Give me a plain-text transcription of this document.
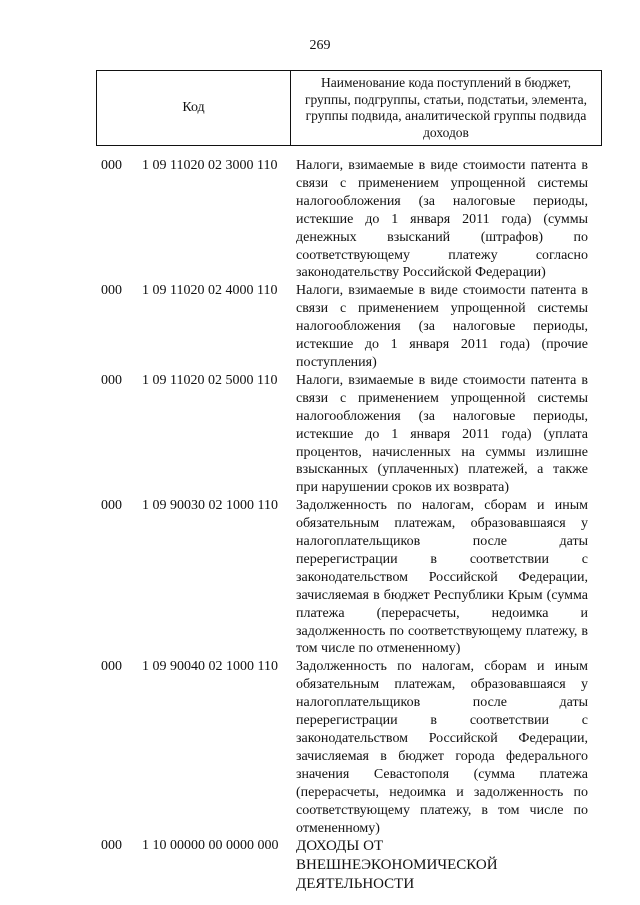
269
Код
Наименование кода поступлений в бюджет, группы, подгруппы, статьи, подстатьи, элемента, группы подвида, аналитической группы подвида доходов
000 1 09 11020 02 3000 110 Налоги, взимаемые в виде стоимости патента в связи с применением упрощенной системы налогообложения (за налоговые периоды, истекшие до 1 января 2011 года) (суммы денежных взысканий (штрафов) по соответствующему платежу согласно законодательству Российской Федерации)
000 1 09 11020 02 4000 110 Налоги, взимаемые в виде стоимости патента в связи с применением упрощенной системы налогообложения (за налоговые периоды, истекшие до 1 января 2011 года) (прочие поступления)
000 1 09 11020 02 5000 110 Налоги, взимаемые в виде стоимости патента в связи с применением упрощенной системы налогообложения (за налоговые периоды, истекшие до 1 января 2011 года) (уплата процентов, начисленных на суммы излишне взысканных (уплаченных) платежей, а также при нарушении сроков их возврата)
000 1 09 90030 02 1000 110 Задолженность по налогам, сборам и иным обязательным платежам, образовавшаяся у налогоплательщиков после даты перерегистрации в соответствии с законодательством Российской Федерации, зачисляемая в бюджет Республики Крым (сумма платежа (перерасчеты, недоимка и задолженность по соответствующему платежу, в том числе по отмененному)
000 1 09 90040 02 1000 110 Задолженность по налогам, сборам и иным обязательным платежам, образовавшаяся у налогоплательщиков после даты перерегистрации в соответствии с законодательством Российской Федерации, зачисляемая в бюджет города федерального значения Севастополя (сумма платежа (перерасчеты, недоимка и задолженность по соответствующему платежу, в том числе по отмененному)
000 1 10 00000 00 0000 000 ДОХОДЫ ОТ ВНЕШНЕЭКОНОМИЧЕСКОЙ ДЕЯТЕЛЬНОСТИ
